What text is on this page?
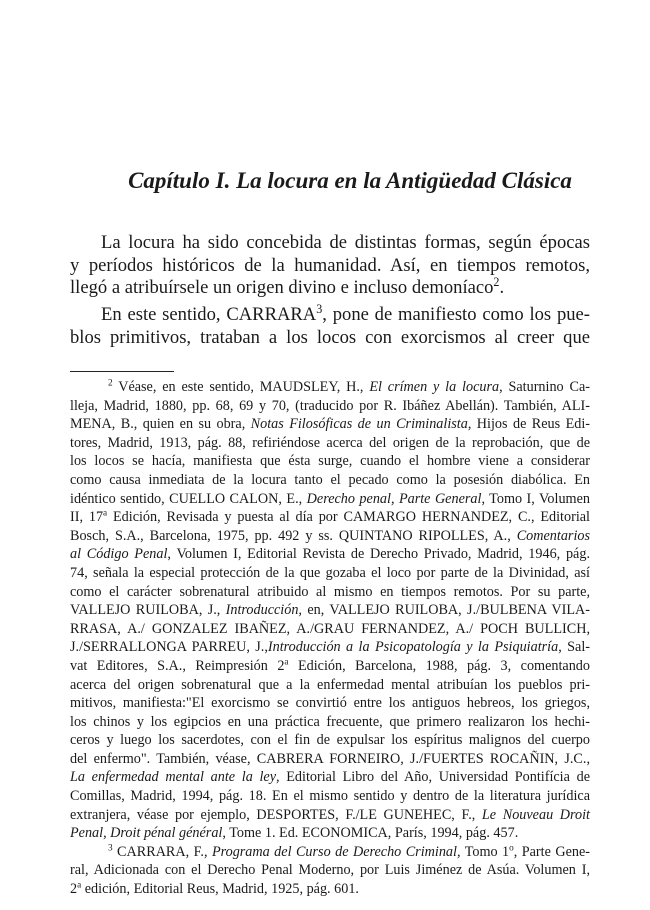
Capítulo I. La locura en la Antigüedad Clásica
La locura ha sido concebida de distintas formas, según épocas
y períodos históricos de la humanidad. Así, en tiempos remotos,
llegó a atribuírsele un origen divino e incluso demoníaco$^2$.
En este sentido, CARRARA$^3$, pone de manifiesto como los pue-
blos primitivos, trataban a los locos con exorcismos al creer que
$^2$ Véase, en este sentido, MAUDSLEY, H., El crímen y la locura, Saturnino Ca-
lleja, Madrid, 1880, pp. 68, 69 y 70, (traducido por R. Ibáñez Abellán). También, ALI-
MENA, B., quien en su obra, Notas Filosóficas de un Criminalista, Hijos de Reus Edi-
tores, Madrid, 1913, pág. 88, refiriéndose acerca del origen de la reprobación, que de
los locos se hacía, manifiesta que ésta surge, cuando el hombre viene a considerar
como causa inmediata de la locura tanto el pecado como la posesión diabólica. En
idéntico sentido, CUELLO CALON, E., Derecho penal, Parte General, Tomo I, Volumen
II, 17$^a$ Edición, Revisada y puesta al día por CAMARGO HERNANDEZ, C., Editorial
Bosch, S.A., Barcelona, 1975, pp. 492 y ss. QUINTANO RIPOLLES, A., Comentarios
al Código Penal, Volumen I, Editorial Revista de Derecho Privado, Madrid, 1946, pág.
74, señala la especial protección de la que gozaba el loco por parte de la Divinidad, así
como el carácter sobrenatural atribuido al mismo en tiempos remotos. Por su parte,
VALLEJO RUILOBA, J., Introducción, en, VALLEJO RUILOBA, J./BULBENA VILA-
RRASA, A./ GONZALEZ IBAÑEZ, A./GRAU FERNANDEZ, A./ POCH BULLICH,
J./SERRALLONGA PARREU, J.,Introducción a la Psicopatología y la Psiquiatría, Sal-
vat Editores, S.A., Reimpresión 2$^a$ Edición, Barcelona, 1988, pág. 3, comentando
acerca del origen sobrenatural que a la enfermedad mental atribuían los pueblos pri-
mitivos, manifiesta:"El exorcismo se convirtió entre los antiguos hebreos, los griegos,
los chinos y los egipcios en una práctica frecuente, que primero realizaron los hechi-
ceros y luego los sacerdotes, con el fin de expulsar los espíritus malignos del cuerpo
del enfermo". También, véase, CABRERA FORNEIRO, J./FUERTES ROCAÑIN, J.C.,
La enfermedad mental ante la ley, Editorial Libro del Año, Universidad Pontifícia de
Comillas, Madrid, 1994, pág. 18. En el mismo sentido y dentro de la literatura jurídica
extranjera, véase por ejemplo, DESPORTES, F./LE GUNEHEC, F., Le Nouveau Droit
Penal, Droit pénal général, Tome 1. Ed. ECONOMICA, París, 1994, pág. 457.
$^3$ CARRARA, F., Programa del Curso de Derecho Criminal, Tomo 1$^o$, Parte Gene-
ral, Adicionada con el Derecho Penal Moderno, por Luis Jiménez de Asúa. Volumen I,
2$^a$ edición, Editorial Reus, Madrid, 1925, pág. 601.
